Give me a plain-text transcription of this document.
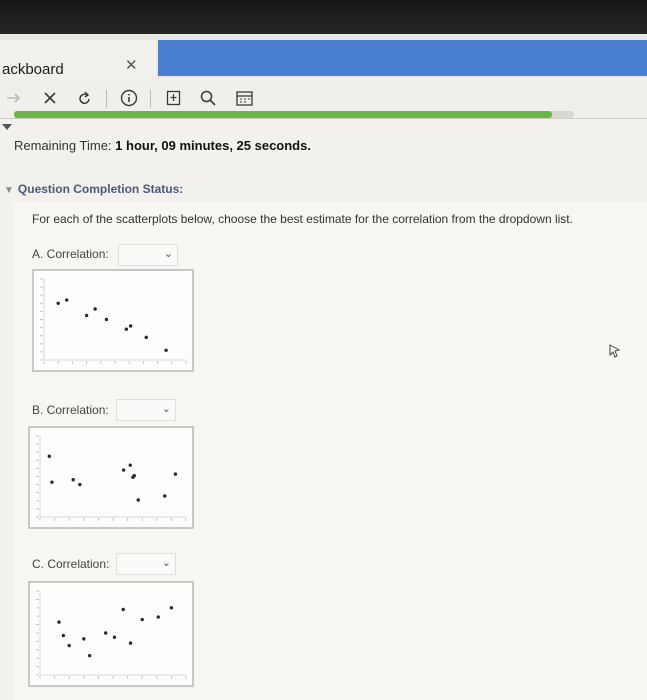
ackboard	✕
Remaining Time: 1 hour, 09 minutes, 25 seconds.
▼ Question Completion Status:
For each of the scatterplots below, choose the best estimate for the correlation from the dropdown list.
A. Correlation:	⌄
B. Correlation:	⌄
C. Correlation:	⌄
